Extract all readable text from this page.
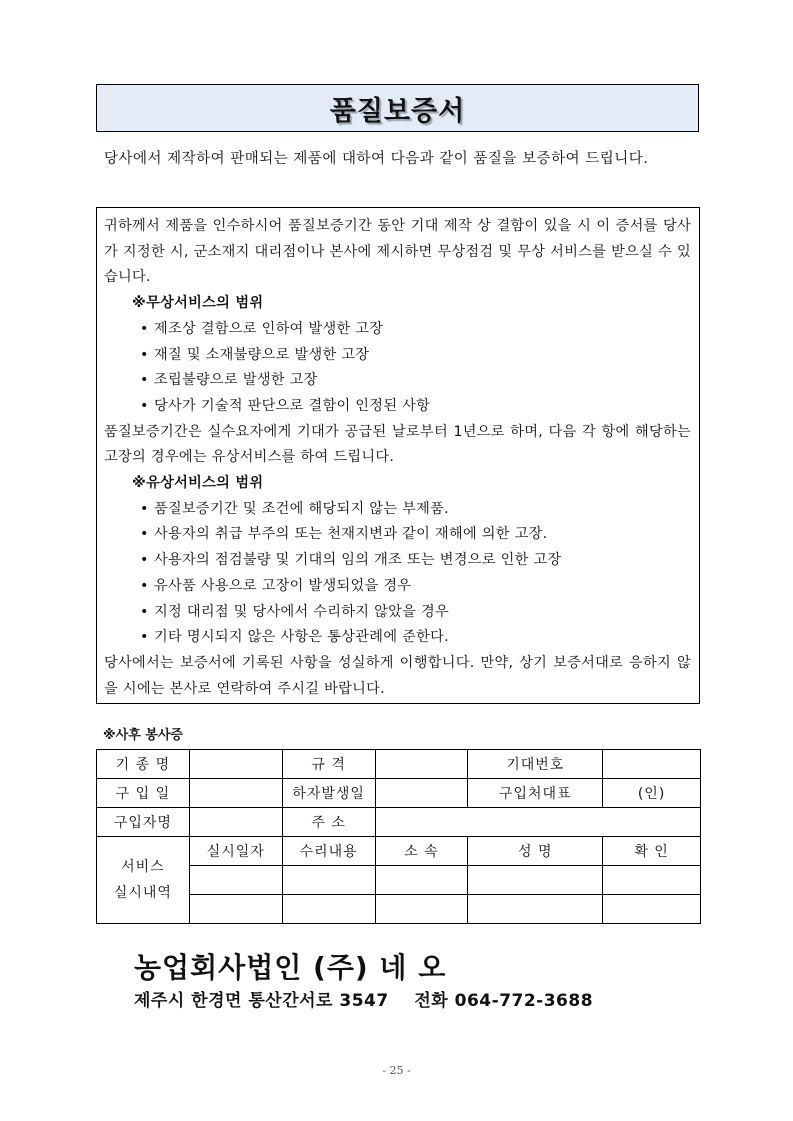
품질보증서
당사에서 제작하여 판매되는 제품에 대하여 다음과 같이 품질을 보증하여 드립니다.

귀하께서 제품을 인수하시어 품질보증기간 동안 기대 제작 상 결함이 있을 시 이 증서를 당사가 지정한 시, 군소재지 대리점이나 본사에 제시하면 무상점검 및 무상 서비스를 받으실 수 있습니다.

※무상서비스의 범위
• 제조상 결함으로 인하여 발생한 고장
• 재질 및 소재불량으로 발생한 고장
• 조립불량으로 발생한 고장
• 당사가 기술적 판단으로 결함이 인정된 사항

품질보증기간은 실수요자에게 기대가 공급된 날로부터 1년으로 하며, 다음 각 항에 해당하는 고장의 경우에는 유상서비스를 하여 드립니다.

※유상서비스의 범위
• 품질보증기간 및 조건에 해당되지 않는 부제품.
• 사용자의 취급 부주의 또는 천재지변과 같이 재해에 의한 고장.
• 사용자의 점검불량 및 기대의 임의 개조 또는 변경으로 인한 고장
• 유사품 사용으로 고장이 발생되었을 경우
• 지정 대리점 및 당사에서 수리하지 않았을 경우
• 기타 명시되지 않은 사항은 통상관례에 준한다.

당사에서는 보증서에 기록된 사항을 성실하게 이행합니다. 만약, 상기 보증서대로 응하지 않을 시에는 본사로 연락하여 주시길 바랍니다.

※사후 봉사증
기 종 명		규 격		기대번호	
구 입 일		하자발생일		구입처대표	(인)
구입자명		주 소			
서비스
실시내역	실시일자	수리내용	소 속	성 명	확 인

농업회사법인 (주) 네 오
제주시 한경면 통산간서로 3547    전화 064-772-3688
- 25 -
